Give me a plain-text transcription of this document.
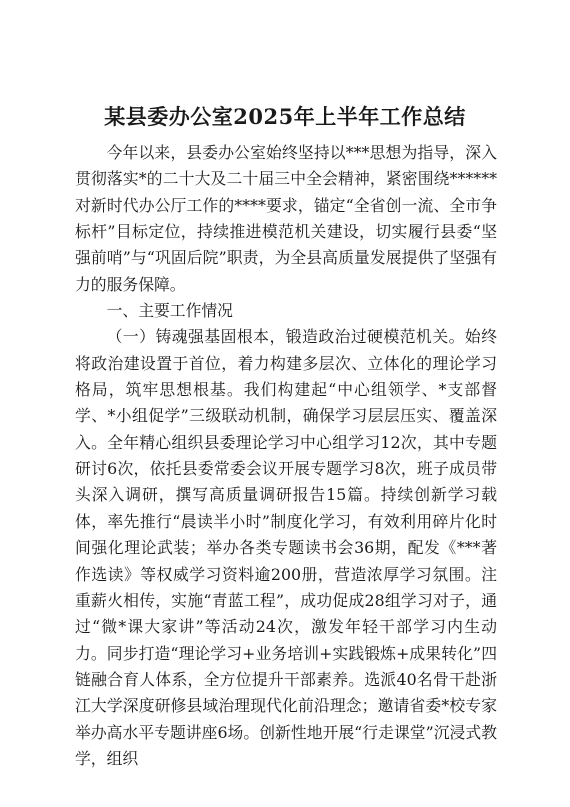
某县委办公室2025年上半年工作总结

今年以来，县委办公室始终坚持以***思想为指导，深入贯彻落实*的二十大及二十届三中全会精神，紧密围绕******对新时代办公厅工作的****要求，锚定“全省创一流、全市争标杆”目标定位，持续推进模范机关建设，切实履行县委“坚强前哨”与“巩固后院”职责，为全县高质量发展提供了坚强有力的服务保障。

一、主要工作情况

（一）铸魂强基固根本，锻造政治过硬模范机关。始终将政治建设置于首位，着力构建多层次、立体化的理论学习格局，筑牢思想根基。我们构建起“中心组领学、*支部督学、*小组促学”三级联动机制，确保学习层层压实、覆盖深入。全年精心组织县委理论学习中心组学习12次，其中专题研讨6次，依托县委常委会议开展专题学习8次，班子成员带头深入调研，撰写高质量调研报告15篇。持续创新学习载体，率先推行“晨读半小时”制度化学习，有效利用碎片化时间强化理论武装；举办各类专题读书会36期，配发《***著作选读》等权威学习资料逾200册，营造浓厚学习氛围。注重薪火相传，实施“青蓝工程”，成功促成28组学习对子，通过“微*课大家讲”等活动24次，激发年轻干部学习内生动力。同步打造“理论学习+业务培训+实践锻炼+成果转化”四链融合育人体系，全方位提升干部素养。选派40名骨干赴浙江大学深度研修县域治理现代化前沿理念；邀请省委*校专家举办高水平专题讲座6场。创新性地开展“行走课堂”沉浸式教学，组织
